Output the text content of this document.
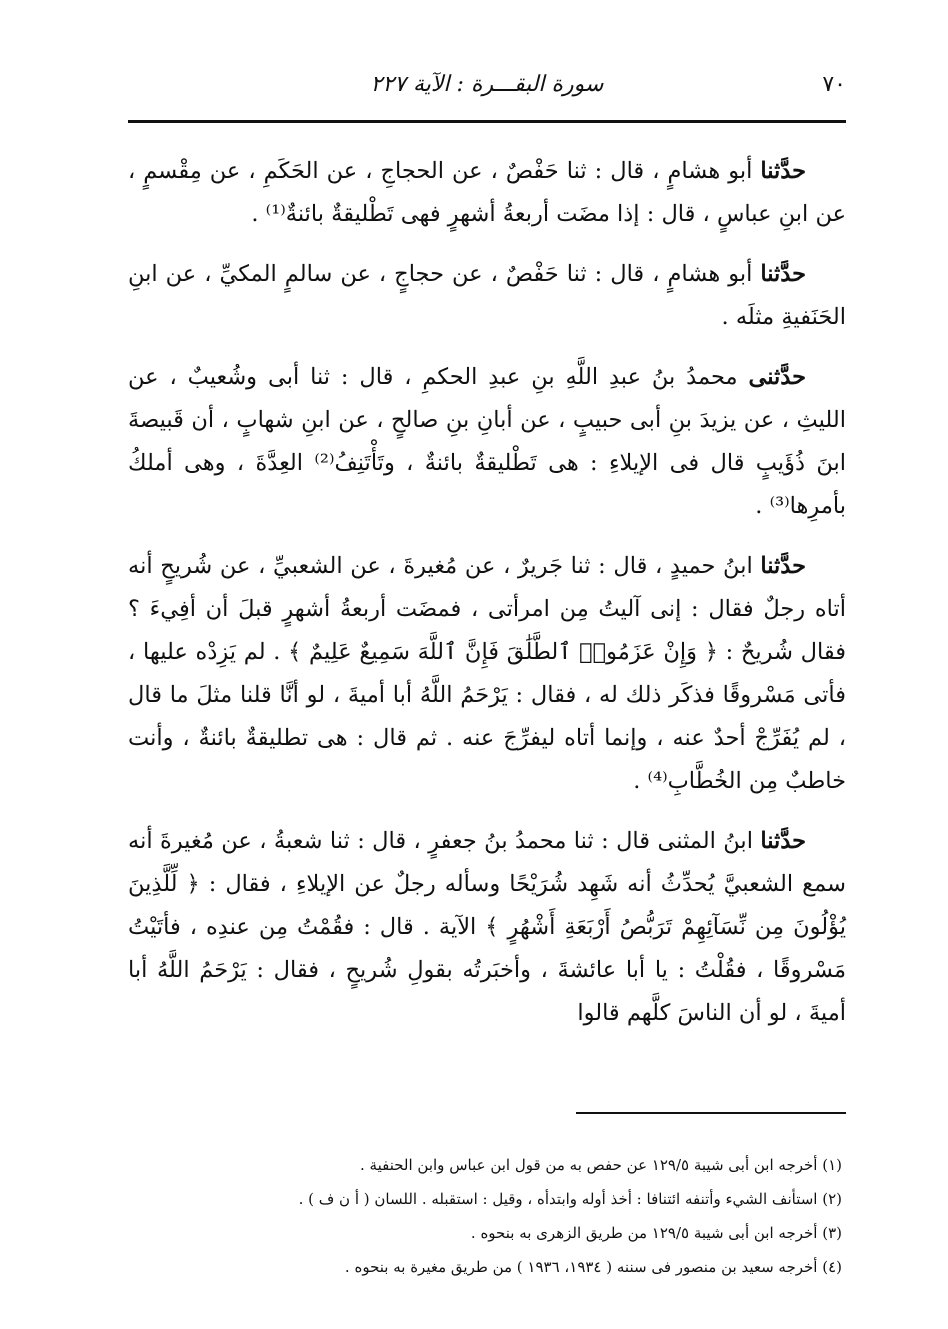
٧٠
سورة البقـــرة : الآية ٢٢٧

حدَّثنا أبو هشامٍ ، قال : ثنا حَفْصٌ ، عن الحجاجِ ، عن الحَكَمِ ، عن مِقْسمٍ ، عن ابنِ عباسٍ ، قال : إذا مضَت أربعةُ أشهرٍ فهى تَطْليقةٌ بائنةٌ⁽¹⁾ .

حدَّثنا أبو هشامٍ ، قال : ثنا حَفْصٌ ، عن حجاجٍ ، عن سالمٍ المكيِّ ، عن ابنِ الحَنَفيةِ مثلَه .

حدَّثنى محمدُ بنُ عبدِ اللَّهِ بنِ عبدِ الحكمِ ، قال : ثنا أبى وشُعيبٌ ، عن الليثِ ، عن يزيدَ بنِ أبى حبيبٍ ، عن أبانِ بنِ صالحٍ ، عن ابنِ شهابٍ ، أن قَبيصةَ ابنَ ذُؤَيبٍ قال فى الإيلاءِ : هى تَطْليقةٌ بائنةٌ ، وتَأْتَنِفُ⁽²⁾ العِدَّةَ ، وهى أملكُ بأمرِها⁽³⁾ .

حدَّثنا ابنُ حميدٍ ، قال : ثنا جَريرٌ ، عن مُغيرةَ ، عن الشعبيِّ ، عن شُريحٍ أنه أتاه رجلٌ فقال : إنى آليتُ مِن امرأتى ، فمضَت أربعةُ أشهرٍ قبلَ أن أفِيءَ ؟ فقال شُريحٌ : ﴿ وَإِنْ عَزَمُوا۟ ٱلطَّلَٰقَ فَإِنَّ ٱللَّهَ سَمِيعٌ عَلِيمٌ ﴾ . لم يَزِدْه عليها ، فأتى مَسْروقًا فذكَر ذلك له ، فقال : يَرْحَمُ اللَّهُ أبا أميةَ ، لو أنَّا قلنا مثلَ ما قال ، لم يُفَرِّجْ أحدٌ عنه ، وإنما أتاه ليفرِّجَ عنه . ثم قال : هى تطليقةٌ بائنةٌ ، وأنت خاطبٌ مِن الخُطَّابِ⁽⁴⁾ .

حدَّثنا ابنُ المثنى قال : ثنا محمدُ بنُ جعفرٍ ، قال : ثنا شعبةُ ، عن مُغيرةَ أنه سمع الشعبيَّ يُحدِّثُ أنه شَهِد شُرَيْحًا وسأله رجلٌ عن الإيلاءِ ، فقال : ﴿ لِّلَّذِينَ يُؤْلُونَ مِن نِّسَآئِهِمْ تَرَبُّصُ أَرْبَعَةِ أَشْهُرٍ ﴾ الآية . قال : فقُمْتُ مِن عندِه ، فأتَيْتُ مَسْروقًا ، فقُلْتُ : يا أبا عائشةَ ، وأخبَرتُه بقولِ شُريحٍ ، فقال : يَرْحَمُ اللَّهُ أبا أميةَ ، لو أن الناسَ كلَّهم قالوا

(١) أخرجه ابن أبى شيبة ١٢٩/٥ عن حفص به من قول ابن عباس وابن الحنفية .

(٢) استأنف الشيء وأتنفه ائتنافا : أخذ أوله وابتدأه ، وقيل : استقبله . اللسان ( أ ن ف ) .

(٣) أخرجه ابن أبى شيبة ١٢٩/٥ من طريق الزهرى به بنحوه .

(٤) أخرجه سعيد بن منصور فى سننه ( ١٩٣٤، ١٩٣٦ ) من طريق مغيرة به بنحوه .
